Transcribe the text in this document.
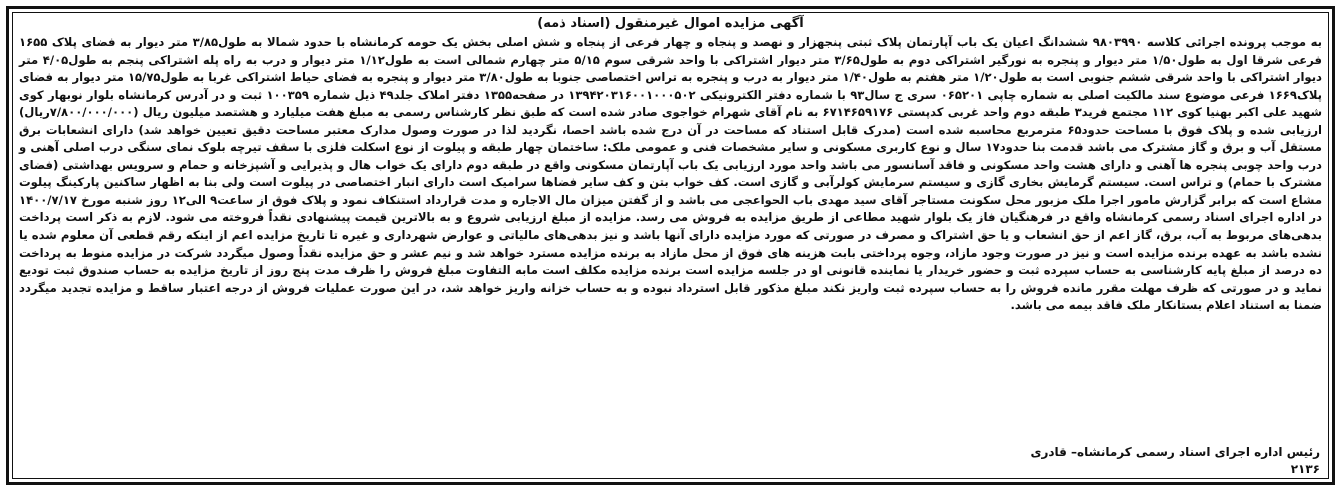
آگهی مزایده اموال غیرمنقول (اسناد ذمه)

به موجب پرونده اجرائی کلاسه ۹۸۰۳۹۹۰ ششدانگ اعیان یک باب آپارتمان پلاک ثبتی پنجهزار و نهصد و پنجاه و چهار فرعی از پنجاه و شش اصلی بخش یک حومه کرمانشاه با حدود شمالا به طول۳/۸۵ متر دیوار به فضای پلاک ۱۶۵۵ فرعی شرقا اول به طول۱/۵۰ متر دیوار و پنجره به نورگیر اشتراکی دوم به طول۳/۶۵ متر دیوار اشتراکی با واحد شرقی سوم ۵/۱۵ متر چهارم شمالی است به طول۱/۱۲ متر دیوار و درب به راه پله اشتراکی پنجم به طول۴/۰۵ متر دیوار اشتراکی با واحد شرقی ششم جنوبی است به طول۱/۲۰ متر هفتم به طول۱/۴۰ متر دیوار به درب و پنجره به تراس اختصاصی جنوبا به طول۳/۸۰ متر دیوار و پنجره به فضای حیاط اشتراکی غربا به طول۱۵/۷۵ متر دیوار به فضای پلاک۱۶۶۹ فرعی موضوع سند مالکیت اصلی به شماره چاپی ۰۶۵۲۰۱ سری ج سال۹۳ با شماره دفتر الکترونیکی ۱۳۹۴۲۰۳۱۶۰۰۱۰۰۰۵۰۲ در صفحه۱۳۵۵ دفتر املاک جلد۴۹ ذیل شماره ۱۰۰۳۵۹ ثبت و در آدرس کرمانشاه بلوار نوبهار کوی شهید علی اکبر بهنیا کوی ۱۱۲ مجتمع فرید۳ طبقه دوم واحد غربی کدپستی ۶۷۱۴۶۵۹۱۷۶ به نام آقای شهرام خواجوی صادر شده است که طبق نظر کارشناس رسمی به مبلغ هفت میلیارد و هشتصد میلیون ریال (۷/۸۰۰/۰۰۰/۰۰۰ریال) ارزیابی شده و پلاک فوق با مساحت حدود۶۵ مترمربع محاسبه شده است (مدرک قابل استناد که مساحت در آن درج شده باشد احصا، نگردید لذا در صورت وصول مدارک معتبر مساحت دقیق تعیین خواهد شد) دارای انشعابات برق مستقل آب و برق و گاز مشترک می باشد قدمت بنا حدود۱۷ سال و نوع کاربری مسکونی و سایر مشخصات فنی و عمومی ملک: ساختمان چهار طبقه و پیلوت از نوع اسکلت فلزی با سقف تیرچه بلوک نمای سنگی درب اصلی آهنی و درب واحد چوبی پنجره ها آهنی و دارای هشت واحد مسکونی و فاقد آسانسور می باشد واحد مورد ارزیابی یک باب آپارتمان مسکونی واقع در طبقه دوم دارای یک خواب هال و پذیرایی و آشپزخانه و حمام و سرویس بهداشتی (فضای مشترک با حمام) و تراس است. سیستم گرمایش بخاری گازی و سیستم سرمایش کولرآبی و گازی است. کف خواب بتن و کف سایر فضاها سرامیک است دارای انبار اختصاصی در پیلوت است ولی بنا به اظهار ساکنین پارکینگ پیلوت مشاع است که برابر گزارش مامور اجرا ملک مزبور محل سکونت مستاجر آقای سید مهدی باب الحواعجی می باشد و از گفتن میزان مال الاجاره و مدت قرارداد استنکاف نمود و پلاک فوق از ساعت۹ الی۱۲ روز شنبه مورخ ۱۴۰۰/۷/۱۷ در اداره اجرای اسناد رسمی کرمانشاه واقع در فرهنگیان فاز یک بلوار شهید مطاعی از طریق مزایده به فروش می رسد. مزایده از مبلغ ارزیابی شروع و به بالاترین قیمت پیشنهادی نقداً فروخته می شود. لازم به ذکر است پرداخت بدهی‌های مربوط به آب، برق، گاز اعم از حق انشعاب و یا حق اشتراک و مصرف در صورتی که مورد مزایده دارای آنها باشد و نیز بدهی‌های مالیاتی و عوارض شهرداری و غیره تا تاریخ مزایده اعم از اینکه رقم قطعی آن معلوم شده یا نشده باشد به عهده برنده مزایده است و نیز در صورت وجود مازاد، وجوه پرداختی بابت هزینه های فوق از محل مازاد به برنده مزایده مسترد خواهد شد و نیم عشر و حق مزایده نقداً وصول میگردد شرکت در مزایده منوط به پرداخت ده درصد از مبلغ پایه کارشناسی به حساب سپرده ثبت و حضور خریدار یا نماینده قانونی او در جلسه مزایده است برنده مزایده مکلف است مابه التفاوت مبلغ فروش را ظرف مدت پنج روز از تاریخ مزایده به حساب صندوق ثبت تودیع نماید و در صورتی که ظرف مهلت مقرر مانده فروش را به حساب سپرده ثبت واریز نکند مبلغ مذکور قابل استرداد نبوده و به حساب خزانه واریز خواهد شد، در این صورت عملیات فروش از درجه اعتبار ساقط و مزایده تجدید میگردد ضمنا به استناد اعلام بستانکار ملک فاقد بیمه می باشد.

رئیس اداره اجرای اسناد رسمی کرمانشاه– قادری
۲۱۳۶
